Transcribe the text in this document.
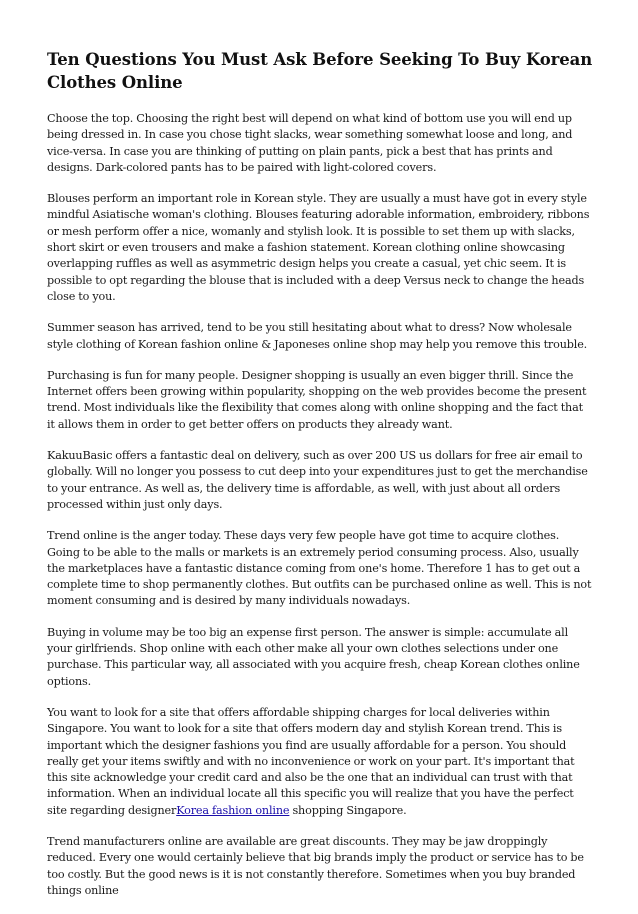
Ten Questions You Must Ask Before Seeking To Buy Korean Clothes Online

Choose the top. Choosing the right best will depend on what kind of bottom use you will end up being dressed in. In case you chose tight slacks, wear something somewhat loose and long, and vice-versa. In case you are thinking of putting on plain pants, pick a best that has prints and designs. Dark-colored pants has to be paired with light-colored covers.

Blouses perform an important role in Korean style. They are usually a must have got in every style mindful Asiatische woman's clothing. Blouses featuring adorable information, embroidery, ribbons or mesh perform offer a nice, womanly and stylish look. It is possible to set them up with slacks, short skirt or even trousers and make a fashion statement. Korean clothing online showcasing overlapping ruffles as well as asymmetric design helps you create a casual, yet chic seem. It is possible to opt regarding the blouse that is included with a deep Versus neck to change the heads close to you.

Summer season has arrived, tend to be you still hesitating about what to dress? Now wholesale style clothing of Korean fashion online & Japoneses online shop may help you remove this trouble.

Purchasing is fun for many people. Designer shopping is usually an even bigger thrill. Since the Internet offers been growing within popularity, shopping on the web provides become the present trend. Most individuals like the flexibility that comes along with online shopping and the fact that it allows them in order to get better offers on products they already want.

KakuuBasic offers a fantastic deal on delivery, such as over 200 US us dollars for free air email to globally. Will no longer you possess to cut deep into your expenditures just to get the merchandise to your entrance. As well as, the delivery time is affordable, as well, with just about all orders processed within just only days.

Trend online is the anger today. These days very few people have got time to acquire clothes. Going to be able to the malls or markets is an extremely period consuming process. Also, usually the marketplaces have a fantastic distance coming from one's home. Therefore 1 has to get out a complete time to shop permanently clothes. But outfits can be purchased online as well. This is not moment consuming and is desired by many individuals nowadays.

Buying in volume may be too big an expense first person. The answer is simple: accumulate all your girlfriends. Shop online with each other make all your own clothes selections under one purchase. This particular way, all associated with you acquire fresh, cheap Korean clothes online options.

You want to look for a site that offers affordable shipping charges for local deliveries within Singapore. You want to look for a site that offers modern day and stylish Korean trend. This is important which the designer fashions you find are usually affordable for a person. You should really get your items swiftly and with no inconvenience or work on your part. It's important that this site acknowledge your credit card and also be the one that an individual can trust with that information. When an individual locate all this specific you will realize that you have the perfect site regarding designerKorea fashion online shopping Singapore.

Trend manufacturers online are available are great discounts. They may be jaw droppingly reduced. Every one would certainly believe that big brands imply the product or service has to be too costly. But the good news is it is not constantly therefore. Sometimes when you buy branded things online
